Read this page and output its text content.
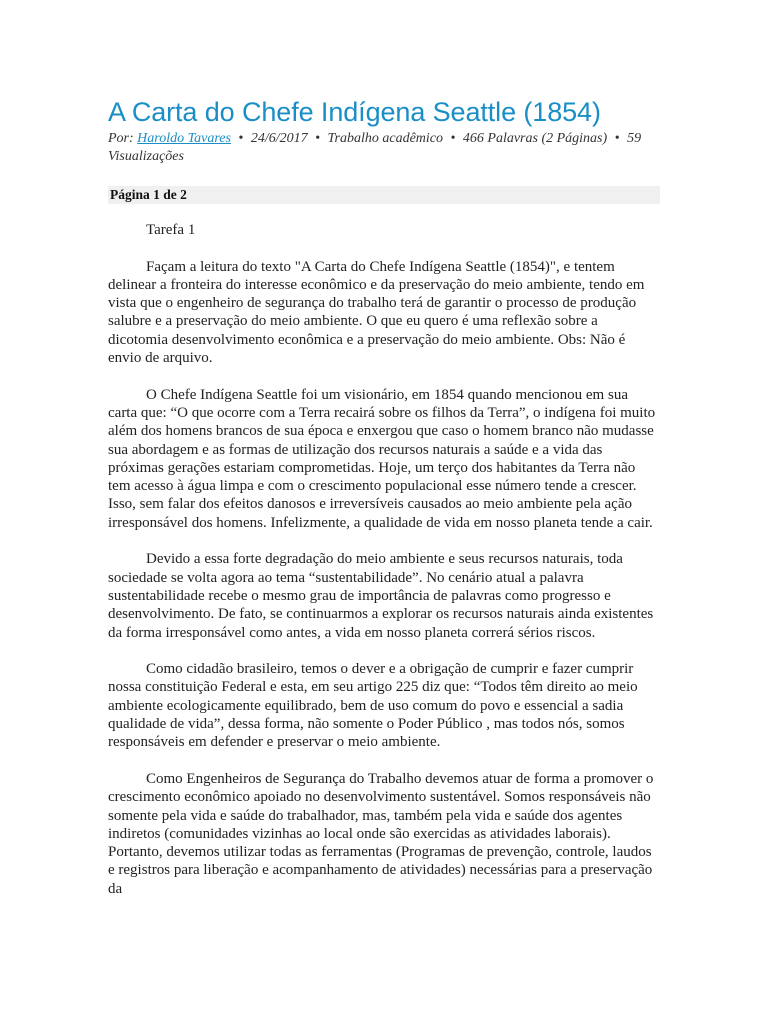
A Carta do Chefe Indígena Seattle (1854)
Por: Haroldo Tavares • 24/6/2017 • Trabalho acadêmico • 466 Palavras (2 Páginas) • 59 Visualizações
Página 1 de 2

Tarefa 1

Façam a leitura do texto "A Carta do Chefe Indígena Seattle (1854)", e tentem delinear a fronteira do interesse econômico e da preservação do meio ambiente, tendo em vista que o engenheiro de segurança do trabalho terá de garantir o processo de produção salubre e a preservação do meio ambiente. O que eu quero é uma reflexão sobre a dicotomia desenvolvimento econômica e a preservação do meio ambiente. Obs: Não é envio de arquivo.

O Chefe Indígena Seattle foi um visionário, em 1854 quando mencionou em sua carta que: “O que ocorre com a Terra recairá sobre os filhos da Terra”, o indígena foi muito além dos homens brancos de sua época e enxergou que caso o homem branco não mudasse sua abordagem e as formas de utilização dos recursos naturais a saúde e a vida das próximas gerações estariam comprometidas. Hoje, um terço dos habitantes da Terra não tem acesso à água limpa e com o crescimento populacional esse número tende a crescer. Isso, sem falar dos efeitos danosos e irreversíveis causados ao meio ambiente pela ação irresponsável dos homens. Infelizmente, a qualidade de vida em nosso planeta tende a cair.

Devido a essa forte degradação do meio ambiente e seus recursos naturais, toda sociedade se volta agora ao tema “sustentabilidade”. No cenário atual a palavra sustentabilidade recebe o mesmo grau de importância de palavras como progresso e desenvolvimento. De fato, se continuarmos a explorar os recursos naturais ainda existentes da forma irresponsável como antes, a vida em nosso planeta correrá sérios riscos.

Como cidadão brasileiro, temos o dever e a obrigação de cumprir e fazer cumprir nossa constituição Federal e esta, em seu artigo 225 diz que: “Todos têm direito ao meio ambiente ecologicamente equilibrado, bem de uso comum do povo e essencial a sadia qualidade de vida”, dessa forma, não somente o Poder Público , mas todos nós, somos responsáveis em defender e preservar o meio ambiente.

Como Engenheiros de Segurança do Trabalho devemos atuar de forma a promover o crescimento econômico apoiado no desenvolvimento sustentável. Somos responsáveis não somente pela vida e saúde do trabalhador, mas, também pela vida e saúde dos agentes indiretos (comunidades vizinhas ao local onde são exercidas as atividades laborais). Portanto, devemos utilizar todas as ferramentas (Programas de prevenção, controle, laudos e registros para liberação e acompanhamento de atividades) necessárias para a preservação da
